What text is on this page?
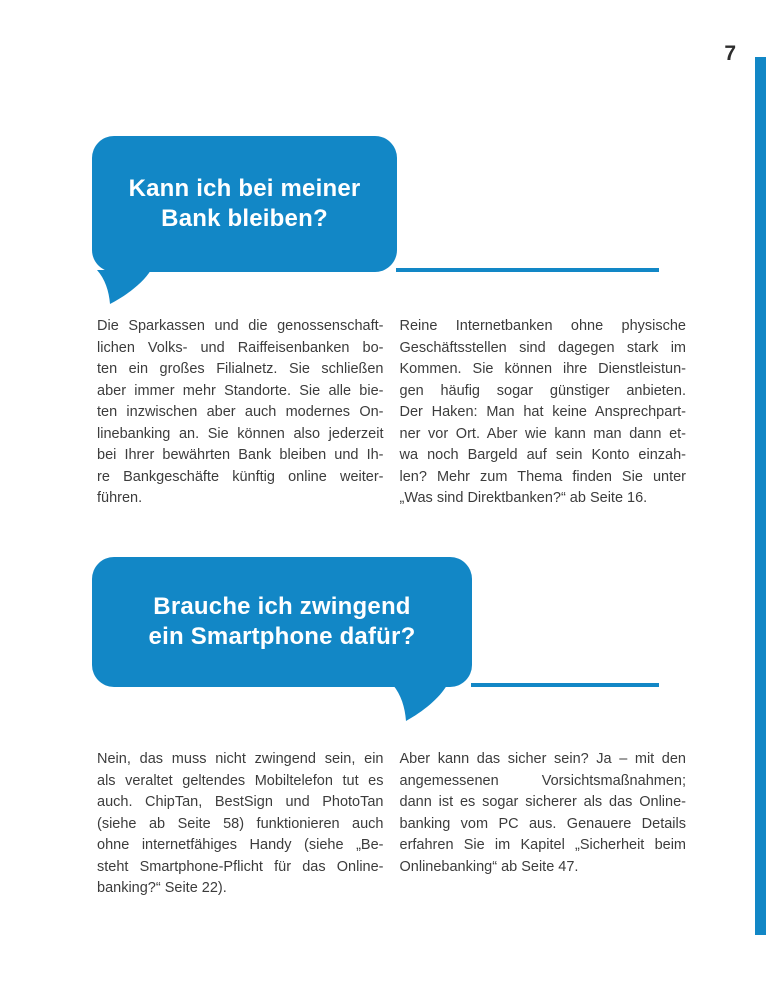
7
Kann ich bei meiner
Bank bleiben?
Die Sparkassen und die genossenschaft-
lichen Volks- und Raiffeisenbanken bo-
ten ein großes Filialnetz. Sie schließen
aber immer mehr Standorte. Sie alle bie-
ten inzwischen aber auch modernes On-
linebanking an. Sie können also jederzeit
bei Ihrer bewährten Bank bleiben und Ih-
re Bankgeschäfte künftig online weiter-
führen.
Reine Internetbanken ohne physische
Geschäftsstellen sind dagegen stark im
Kommen. Sie können ihre Dienstleistun-
gen häufig sogar günstiger anbieten.
Der Haken: Man hat keine Ansprechpart-
ner vor Ort. Aber wie kann man dann et-
wa noch Bargeld auf sein Konto einzah-
len? Mehr zum Thema finden Sie unter
„Was sind Direktbanken?“ ab Seite 16.
Brauche ich zwingend
ein Smartphone dafür?
Nein, das muss nicht zwingend sein, ein
als veraltet geltendes Mobiltelefon tut es
auch. ChipTan, BestSign und PhotoTan
(siehe ab Seite 58) funktionieren auch
ohne internetfähiges Handy (siehe „Be-
steht Smartphone-Pflicht für das Online-
banking?“ Seite 22).
Aber kann das sicher sein? Ja – mit den
angemessenen Vorsichtsmaßnahmen;
dann ist es sogar sicherer als das Online-
banking vom PC aus. Genauere Details
erfahren Sie im Kapitel „Sicherheit beim
Onlinebanking“ ab Seite 47.
